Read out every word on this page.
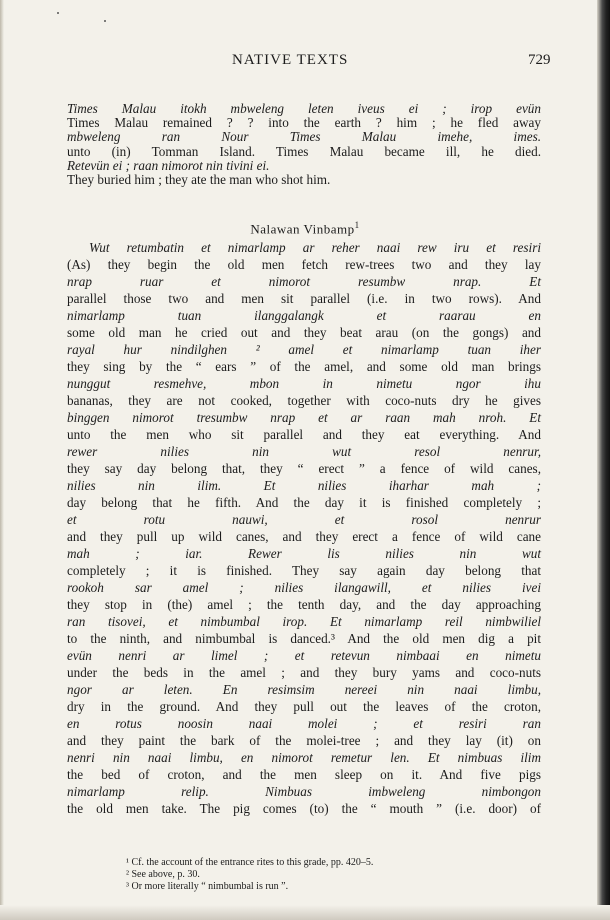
NATIVE TEXTS	729
Times Malau itokh mbweleng leten iveus ei ; irop evün
Times Malau remained ? ? into the earth ? him ; he fled away
mbweleng ran Nour Times Malau imehe, imes.
unto (in) Tomman Island. Times Malau became ill, he died.
Retevün ei ; raan nimorot nin tivini ei.
They buried him ; they ate the man who shot him.
Nalawan Vinbamp$^1$
Wut retumbatin et nimarlamp ar reher naai rew iru et resiri
(As) they begin the old men fetch rew-trees two and they lay
nrap ruar et nimorot resumbw nrap. Et
parallel those two and men sit parallel (i.e. in two rows). And
nimarlamp tuan ilanggalangk et raarau en
some old man he cried out and they beat arau (on the gongs) and
rayal hur nindilghen ² amel et nimarlamp tuan iher
they sing by the “ ears ” of the amel, and some old man brings
nunggut resmehve, mbon in nimetu ngor ihu
bananas, they are not cooked, together with coco-nuts dry he gives
binggen nimorot tresumbw nrap et ar raan mah nroh. Et
unto the men who sit parallel and they eat everything. And
rewer nilies nin wut resol nenrur,
they say day belong that, they “ erect ” a fence of wild canes,
nilies nin ilim. Et nilies iharhar mah ;
day belong that he fifth. And the day it is finished completely ;
et rotu nauwi, et rosol nenrur
and they pull up wild canes, and they erect a fence of wild cane
mah ; iar. Rewer lis nilies nin wut
completely ; it is finished. They say again day belong that
rookoh sar amel ; nilies ilangawill, et nilies ivei
they stop in (the) amel ; the tenth day, and the day approaching
ran tisovei, et nimbumbal irop. Et nimarlamp reil nimbwiliel
to the ninth, and nimbumbal is danced.³ And the old men dig a pit
evün nenri ar limel ; et retevun nimbaai en nimetu
under the beds in the amel ; and they bury yams and coco-nuts
ngor ar leten. En resimsim nereei nin naai limbu,
dry in the ground. And they pull out the leaves of the croton,
en rotus noosin naai molei ; et resiri ran
and they paint the bark of the molei-tree ; and they lay (it) on
nenri nin naai limbu, en nimorot remetur len. Et nimbuas ilim
the bed of croton, and the men sleep on it. And five pigs
nimarlamp relip. Nimbuas imbweleng nimbongon
the old men take. The pig comes (to) the “ mouth ” (i.e. door) of
¹ Cf. the account of the entrance rites to this grade, pp. 420–5.
² See above, p. 30.
³ Or more literally “ nimbumbal is run ”.
